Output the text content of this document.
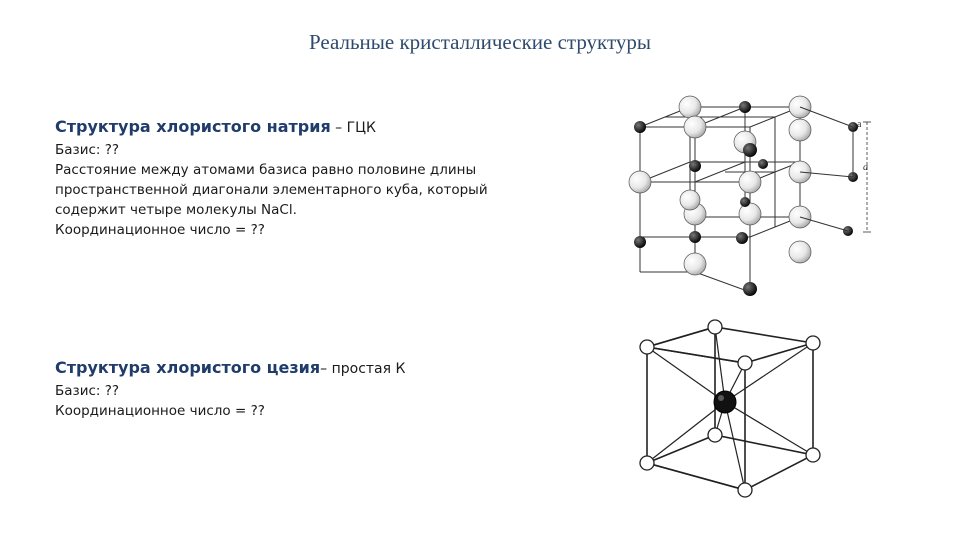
Реальные кристаллические структуры
Структура хлористого натрия – ГЦК
Базис: ??
Расстояние между атомами базиса равно половине длины
пространственной диагонали элементарного куба, который
содержит четыре молекулы NaCl.
Координационное число = ??
Структура хлористого цезия– простая К
Базис: ??
Координационное число = ??
a
a
